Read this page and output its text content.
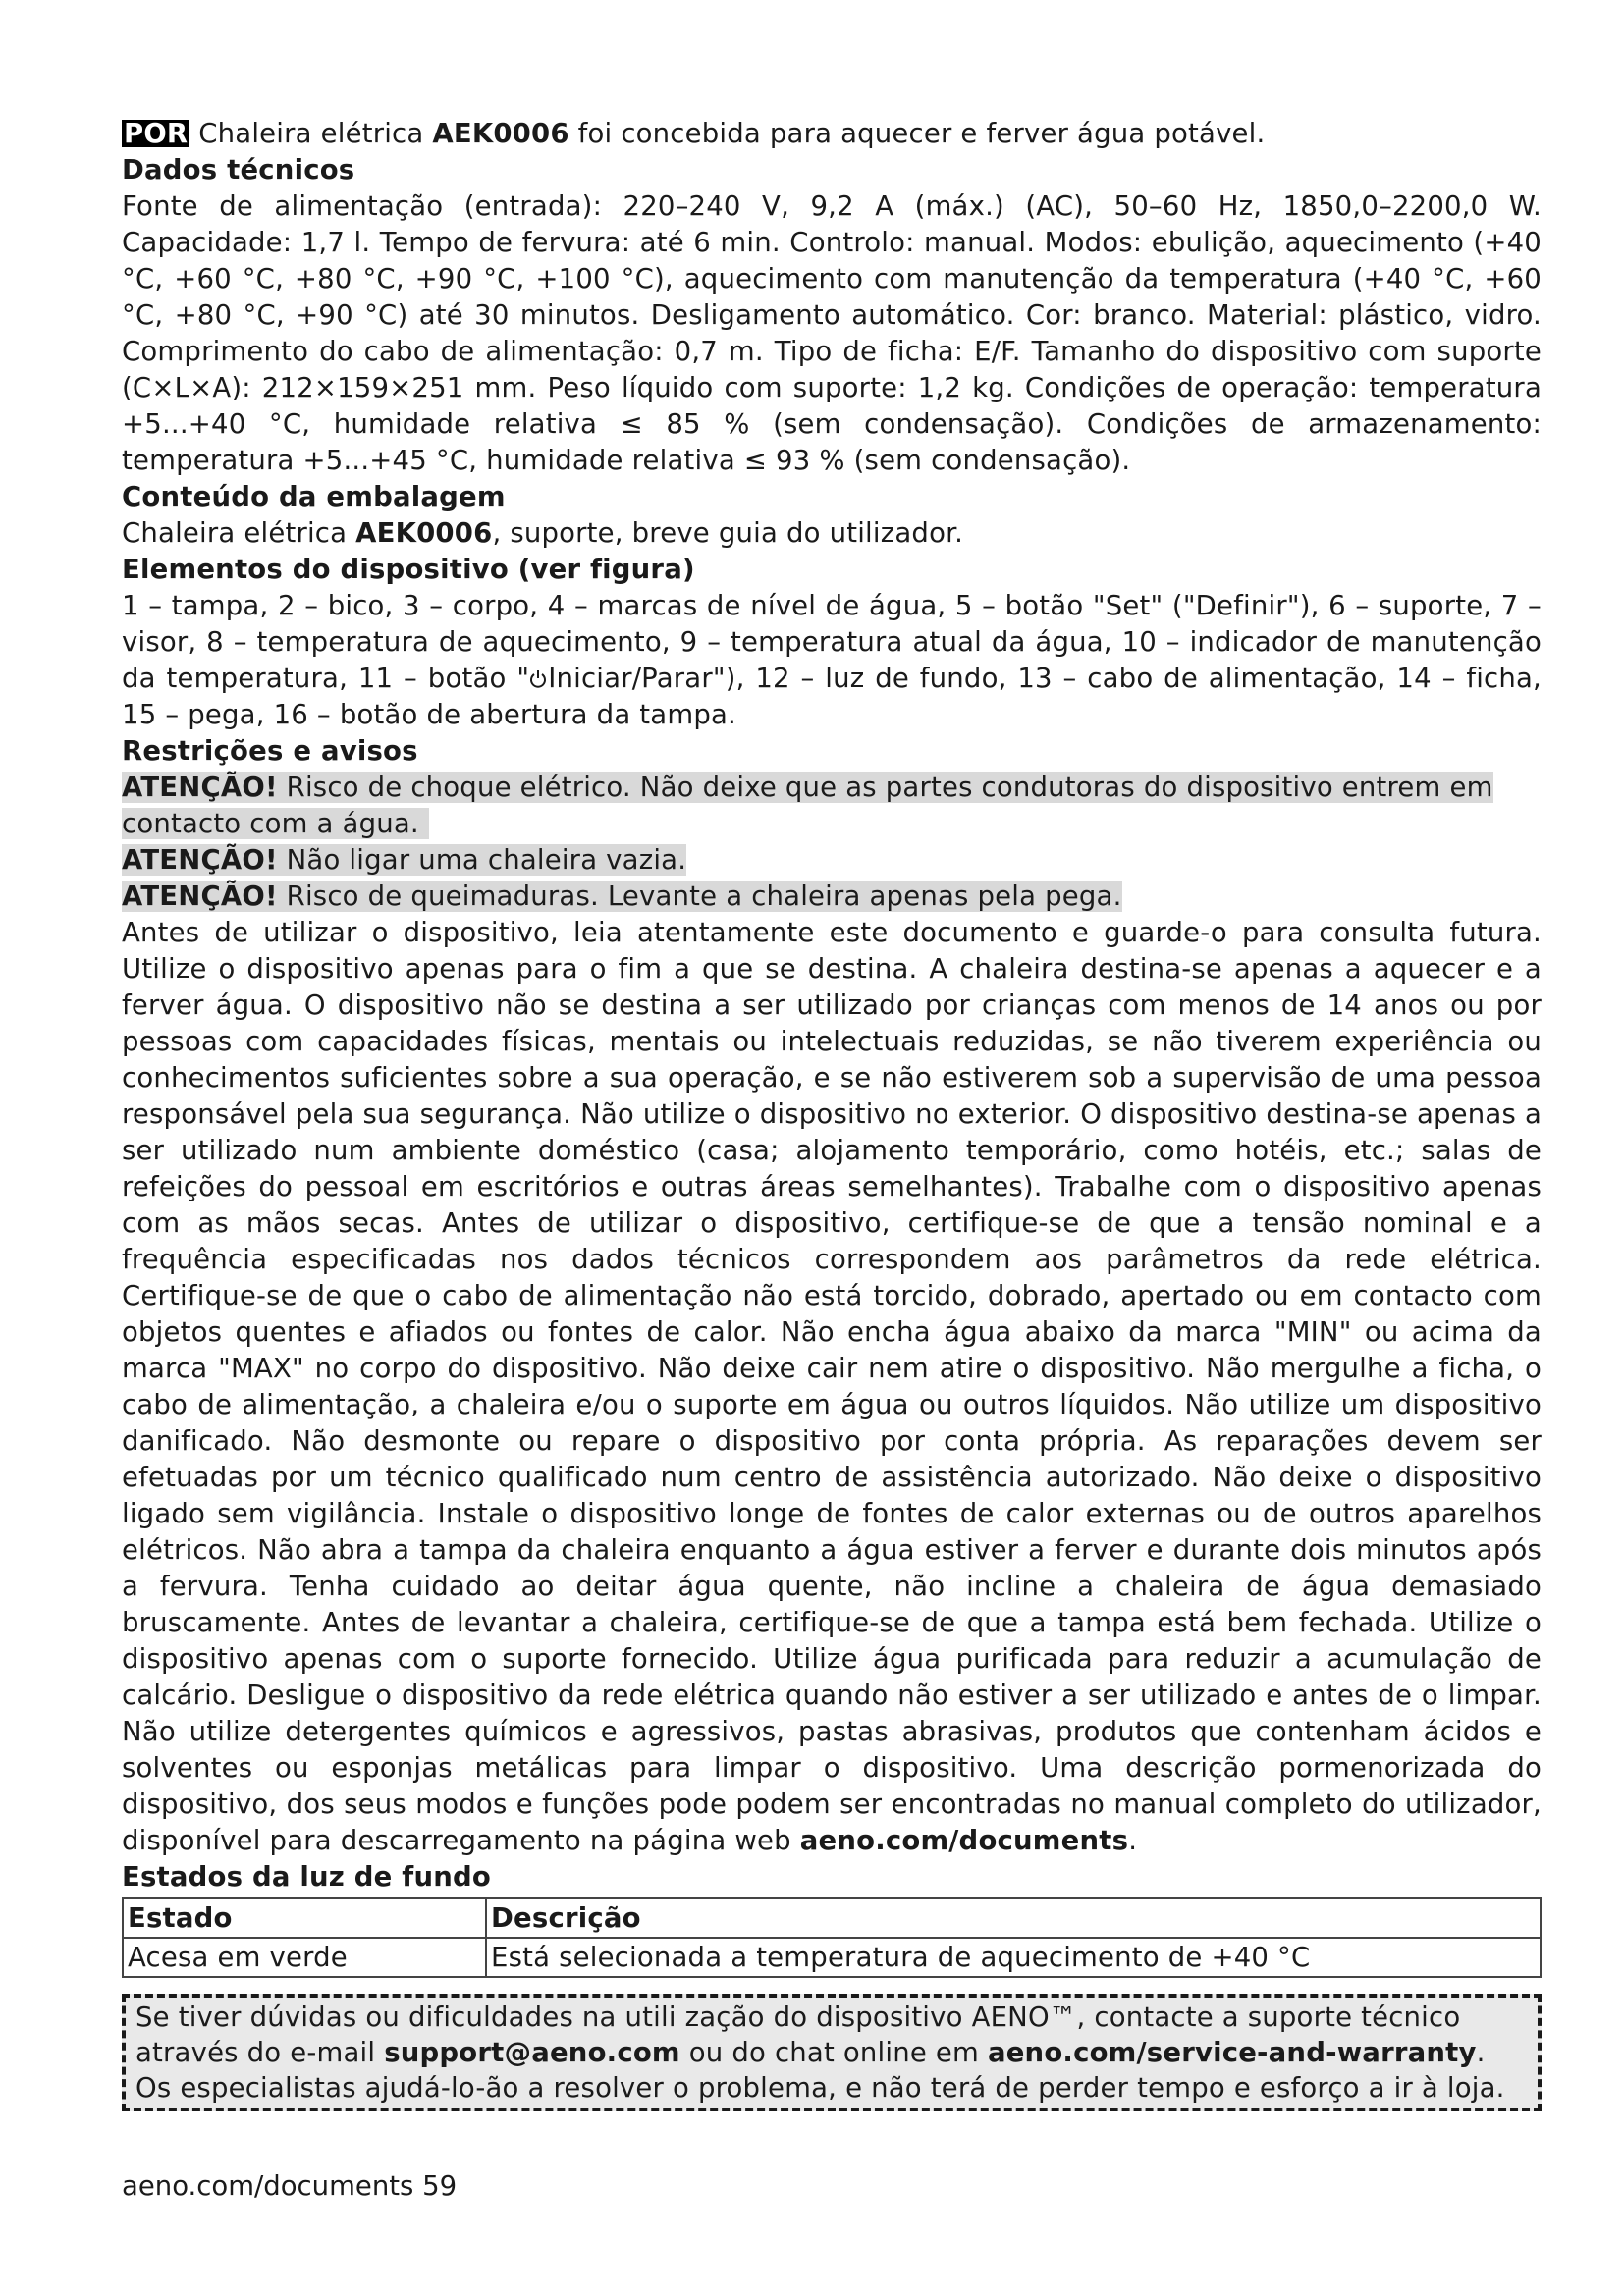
POR Chaleira elétrica AEK0006 foi concebida para aquecer e ferver água potável.

Dados técnicos

Fonte de alimentação (entrada): 220–240 V, 9,2 A (máx.) (AC), 50–60 Hz, 1850,0–2200,0 W. Capacidade: 1,7 l. Tempo de fervura: até 6 min. Controlo: manual. Modos: ebulição, aquecimento (+40 °C, +60 °C, +80 °C, +90 °C, +100 °C), aquecimento com manutenção da temperatura (+40 °C, +60 °C, +80 °C, +90 °C) até 30 minutos. Desligamento automático. Cor: branco. Material: plástico, vidro. Comprimento do cabo de alimentação: 0,7 m. Tipo de ficha: E/F. Tamanho do dispositivo com suporte (C×L×A): 212×159×251 mm. Peso líquido com suporte: 1,2 kg. Condições de operação: temperatura +5...+40 °C, humidade relativa ≤ 85 % (sem condensação). Condições de armazenamento: temperatura +5...+45 °C, humidade relativa ≤ 93 % (sem condensação).

Conteúdo da embalagem

Chaleira elétrica AEK0006, suporte, breve guia do utilizador.

Elementos do dispositivo (ver figura)

1 – tampa, 2 – bico, 3 – corpo, 4 – marcas de nível de água, 5 – botão "Set" ("Definir"), 6 – suporte, 7 – visor, 8 – temperatura de aquecimento, 9 – temperatura atual da água, 10 – indicador de manutenção da temperatura, 11 – botão " Iniciar/Parar"), 12 – luz de fundo, 13 – cabo de alimentação, 14 – ficha, 15 – pega, 16 – botão de abertura da tampa.

Restrições e avisos

ATENÇÃO! Risco de choque elétrico. Não deixe que as partes condutoras do dispositivo entrem em contacto com a água.

ATENÇÃO! Não ligar uma chaleira vazia.

ATENÇÃO! Risco de queimaduras. Levante a chaleira apenas pela pega.

Antes de utilizar o dispositivo, leia atentamente este documento e guarde-o para consulta futura. Utilize o dispositivo apenas para o fim a que se destina. A chaleira destina-se apenas a aquecer e a ferver água. O dispositivo não se destina a ser utilizado por crianças com menos de 14 anos ou por pessoas com capacidades físicas, mentais ou intelectuais reduzidas, se não tiverem experiência ou conhecimentos suficientes sobre a sua operação, e se não estiverem sob a supervisão de uma pessoa responsável pela sua segurança. Não utilize o dispositivo no exterior. O dispositivo destina-se apenas a ser utilizado num ambiente doméstico (casa; alojamento temporário, como hotéis, etc.; salas de refeições do pessoal em escritórios e outras áreas semelhantes). Trabalhe com o dispositivo apenas com as mãos secas. Antes de utilizar o dispositivo, certifique-se de que a tensão nominal e a frequência especificadas nos dados técnicos correspondem aos parâmetros da rede elétrica. Certifique-se de que o cabo de alimentação não está torcido, dobrado, apertado ou em contacto com objetos quentes e afiados ou fontes de calor. Não encha água abaixo da marca "MIN" ou acima da marca "MAX" no corpo do dispositivo. Não deixe cair nem atire o dispositivo. Não mergulhe a ficha, o cabo de alimentação, a chaleira e/ou o suporte em água ou outros líquidos. Não utilize um dispositivo danificado. Não desmonte ou repare o dispositivo por conta própria. As reparações devem ser efetuadas por um técnico qualificado num centro de assistência autorizado. Não deixe o dispositivo ligado sem vigilância. Instale o dispositivo longe de fontes de calor externas ou de outros aparelhos elétricos. Não abra a tampa da chaleira enquanto a água estiver a ferver e durante dois minutos após a fervura. Tenha cuidado ao deitar água quente, não incline a chaleira de água demasiado bruscamente. Antes de levantar a chaleira, certifique-se de que a tampa está bem fechada. Utilize o dispositivo apenas com o suporte fornecido. Utilize água purificada para reduzir a acumulação de calcário. Desligue o dispositivo da rede elétrica quando não estiver a ser utilizado e antes de o limpar. Não utilize detergentes químicos e agressivos, pastas abrasivas, produtos que contenham ácidos e solventes ou esponjas metálicas para limpar o dispositivo. Uma descrição pormenorizada do dispositivo, dos seus modos e funções pode podem ser encontradas no manual completo do utilizador, disponível para descarregamento na página web aeno.com/documents.

Estados da luz de fundo

Estado	Descrição
Acesa em verde	Está selecionada a temperatura de aquecimento de +40 °C
Se tiver dúvidas ou dificuldades na utili zação do dispositivo AENO™, contacte a suporte técnico através do e-mail support@aeno.com ou do chat online em aeno.com/service-and-warranty. Os especialistas ajudá-lo-ão a resolver o problema, e não terá de perder tempo e esforço a ir à loja.
aeno.com/documents 59
